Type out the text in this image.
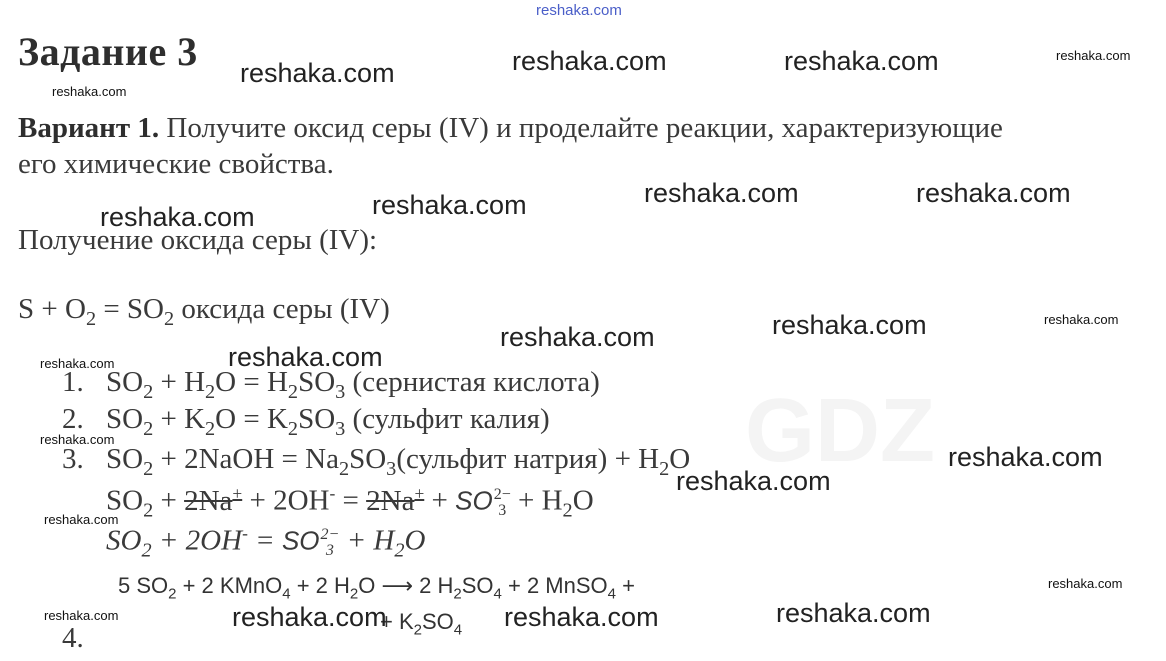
GDZ
reshaka.com
Задание 3
Вариант 1. Получите оксид серы (IV) и проделайте реакции, характеризующие
его химические свойства.
Получение оксида серы (IV):
$S + O_2 = SO_2$ оксида серы (IV)
1. $SO_2 + H_2O = H_2SO_3$ (сернистая кислота)
2. $SO_2 + K_2O = K_2SO_3$ (сульфит калия)
3. $SO_2$ + 2NaOH = $Na_2SO_3(сульфит$ натрия) + $H_2O$
$SO_2 + 2Na^+ + 2OH^- = 2Na^+$ + SO 2−
$3 + H_2O$
$SO_2 + 2OH^-$ = SO 2−
$3 + H_2O$
5 $SO_2 + 2$ KMnO$_4$ + 2 $H_2O$ ⟶ 2 $H_2SO_4 + 2$ MnSO$_4$ +
+ $K_2SO_4$
4.
reshaka.com	reshaka.com	reshaka.com
reshaka.com	reshaka.com
reshaka.com	reshaka.com
reshaka.com	reshaka.com
reshaka.com
reshaka.com
reshaka.com
reshaka.com
reshaka.com	reshaka.com
reshaka.com
reshaka.com
reshaka.com
reshaka.com
reshaka.com
reshaka.com
reshaka.com
reshaka.com
